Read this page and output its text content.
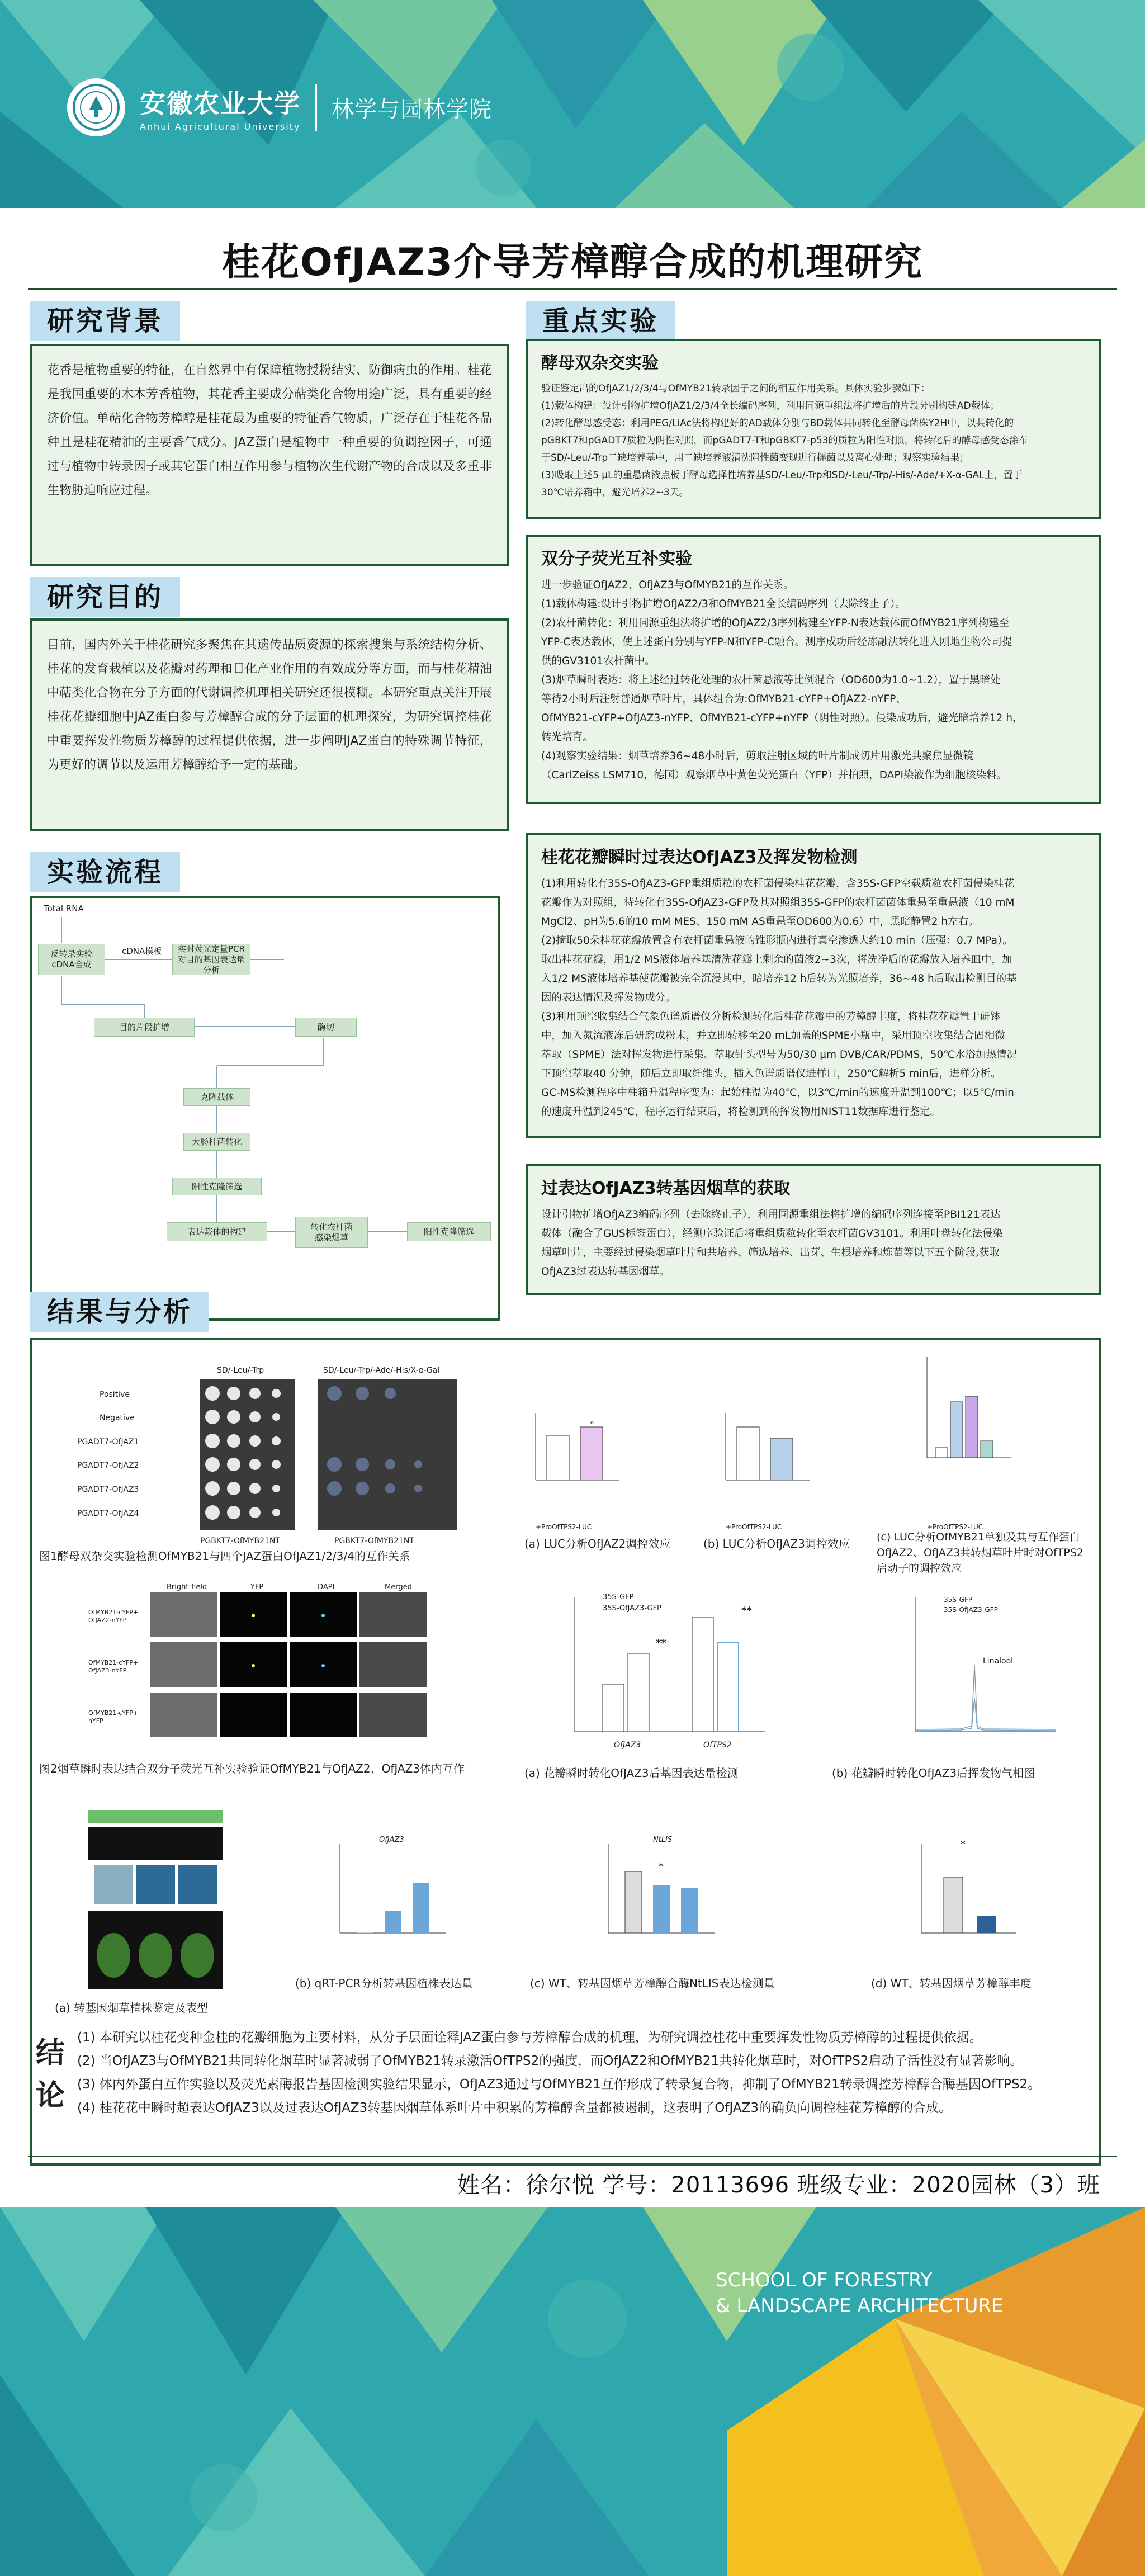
安徽农业大学
Anhui Agricultural University
林学与园林学院
桂花OfJAZ3介导芳樟醇合成的机理研究
研究背景

花香是植物重要的特征，在自然界中有保障植物授粉结实、防御病虫的作用。桂花是我国重要的木本芳香植物，其花香主要成分萜类化合物用途广泛，具有重要的经济价值。单萜化合物芳樟醇是桂花最为重要的特征香气物质，广泛存在于桂花各品种且是桂花精油的主要香气成分。JAZ蛋白是植物中一种重要的负调控因子，可通过与植物中转录因子或其它蛋白相互作用参与植物次生代谢产物的合成以及多重非生物胁迫响应过程。

研究目的

目前，国内外关于桂花研究多聚焦在其遗传品质资源的探索搜集与系统结构分析、桂花的发育栽植以及花瓣对药理和日化产业作用的有效成分等方面，而与桂花精油中萜类化合物在分子方面的代谢调控机理相关研究还很模糊。本研究重点关注开展桂花花瓣细胞中JAZ蛋白参与芳樟醇合成的分子层面的机理探究，为研究调控桂花中重要挥发性物质芳樟醇的过程提供依据，进一步阐明JAZ蛋白的特殊调节特征，为更好的调节以及运用芳樟醇给予一定的基础。

实验流程
Total RNA
cDNA模板
反转录实验
cDNA合成
实时荧光定量PCR
对目的基因表达量分析
目的片段扩增	酶切
克隆载体
大肠杆菌转化
阳性克隆筛选
表达载体的构建	转化农杆菌
感染烟草
阳性克隆筛选
重点实验
酵母双杂交实验
验证鉴定出的OfJAZ1/2/3/4与OfMYB21转录因子之间的相互作用关系。具体实验步骤如下：
(1)载体构建：设计引物扩增OfJAZ1/2/3/4全长编码序列，利用同源重组法将扩增后的片段分别构建AD载体；
(2)转化酵母感受态：利用PEG/LiAc法将构建好的AD载体分别与BD载体共同转化至酵母菌株Y2H中，以共转化的
pGBKT7和pGADT7质粒为阴性对照，而pGADT7-T和pGBKT7-p53的质粒为阳性对照，将转化后的酵母感受态涂布
于SD/-Leu/-Trp二缺培养基中，用二缺培养液清洗阻性菌变现进行摇菌以及离心处理；观察实验结果；
(3)吸取上述5 μL的重悬菌液点板于酵母选择性培养基SD/-Leu/-Trp和SD/-Leu/-Trp/-His/-Ade/+X-α-GAL上，置于
30℃培养箱中，避光培养2~3天。
双分子荧光互补实验
进一步验证OfJAZ2、OfJAZ3与OfMYB21的互作关系。
(1)载体构建:设计引物扩增OfJAZ2/3和OfMYB21全长编码序列（去除终止子）。
(2)农杆菌转化：利用同源重组法将扩增的OfJAZ2/3序列构建至YFP-N表达载体而OfMYB21序列构建至
YFP-C表达载体，使上述蛋白分别与YFP-N和YFP-C融合。测序成功后经冻融法转化进入刚地生物公司提
供的GV3101农杆菌中。
(3)烟草瞬时表达：将上述经过转化处理的农杆菌悬液等比例混合（OD600为1.0~1.2），置于黑暗处
等待2小时后注射普通烟草叶片，具体组合为:OfMYB21-cYFP+OfJAZ2-nYFP、
OfMYB21-cYFP+OfJAZ3-nYFP、OfMYB21-cYFP+nYFP（阴性对照）。侵染成功后，避光暗培养12 h，
转光培育。
(4)观察实验结果：烟草培养36~48小时后，剪取注射区域的叶片制成切片用激光共聚焦显微镜
（CarlZeiss LSM710，德国）观察烟草中黄色荧光蛋白（YFP）并拍照，DAPI染液作为细胞核染料。
桂花花瓣瞬时过表达OfJAZ3及挥发物检测
(1)利用转化有35S-OfJAZ3-GFP重组质粒的农杆菌侵染桂花花瓣，含35S-GFP空载质粒农杆菌侵染桂花
花瓣作为对照组，待转化有35S-OfJAZ3-GFP及其对照组35S-GFP的农杆菌菌体重悬至重悬液（10 mM
MgCl2、pH为5.6的10 mM MES、150 mM AS重悬至OD600为0.6）中，黑暗静置2 h左右。
(2)摘取50朵桂花花瓣放置含有农杆菌重悬液的锥形瓶内进行真空渗透大约10 min（压强：0.7 MPa）。
取出桂花花瓣，用1/2 MS液体培养基清洗花瓣上剩余的菌液2~3次，将洗净后的花瓣放入培养皿中，加
入1/2 MS液体培养基使花瓣被完全沉浸其中，暗培养12 h后转为光照培养，36~48 h后取出检测目的基
因的表达情况及挥发物成分。
(3)利用顶空收集结合气象色谱质谱仪分析检测转化后桂花花瓣中的芳樟醇丰度，将桂花花瓣置于研钵
中，加入氮流液冻后研磨成粉末，并立即转移至20 mL加盖的SPME小瓶中，采用顶空收集结合固相微
萃取（SPME）法对挥发物进行采集。萃取针头型号为50/30 μm DVB/CAR/PDMS，50℃水浴加热情况
下顶空萃取40 分钟，随后立即取纤维头，插入色谱质谱仪进样口，250℃解析5 min后，进样分析。
GC-MS检测程序中柱箱升温程序变为：起始柱温为40℃，以3℃/min的速度升温到100℃；以5℃/min
的速度升温到245℃，程序运行结束后，将检测到的挥发物用NIST11数据库进行鉴定。
过表达OfJAZ3转基因烟草的获取
设计引物扩增OfJAZ3编码序列（去除终止子），利用同源重组法将扩增的编码序列连接至PBI121表达
载体（融合了GUS标签蛋白），经测序验证后将重组质粒转化至农杆菌GV3101。利用叶盘转化法侵染
烟草叶片，主要经过侵染烟草叶片和共培养、筛选培养、出芽、生根培养和炼苗等以下五个阶段,获取
OfJAZ3过表达转基因烟草。
结果与分析
SD/-Leu/-Trp	SD/-Leu/-Trp/-Ade/-His/X-α-Gal
Positive
Negative
PGADT7-OfJAZ1
PGADT7-OfJAZ2
PGADT7-OfJAZ3
PGADT7-OfJAZ4
PGBKT7-OfMYB21NT	PGBKT7-OfMYB21NT
图1酵母双杂交实验检测OfMYB21与四个JAZ蛋白OfJAZ1/2/3/4的互作关系
Bright-field	YFP	DAPI	Merged
OfMYB21-cYFP+
OfJAZ2-nYFP
OfMYB21-cYFP+
OfJAZ3-nYFP
OfMYB21-cYFP+
nYFP
图2烟草瞬时表达结合双分子荧光互补实验验证OfMYB21与OfJAZ2、OfJAZ3体内互作
a
+ProOfTPS2-LUC	+ProOfTPS2-LUC	+ProOfTPS2-LUC
(a) LUC分析OfJAZ2调控效应	(b) LUC分析OfJAZ3调控效应	(c) LUC分析OfMYB21单独及其与互作蛋白OfJAZ2、OfJAZ3共转烟草叶片时对OfTPS2启动子的调控效应
35S-GFP
35S-OfJAZ3-GFP
**
**
OfJAZ3	OfTPS2
(a) 花瓣瞬时转化OfJAZ3后基因表达量检测
35S-GFP
35S-OfJAZ3-GFP
Linalool
(b) 花瓣瞬时转化OfJAZ3后挥发物气相图
(a) 转基因烟草植株鉴定及表型
OfJAZ3
(b) qRT-PCR分析转基因植株表达量
NtLIS
*
(c) WT、转基因烟草芳樟醇合酶NtLIS表达检测量
*
(d) WT、转基因烟草芳樟醇丰度
结
论
(1) 本研究以桂花变种金桂的花瓣细胞为主要材料，从分子层面诠释JAZ蛋白参与芳樟醇合成的机理，为研究调控桂花中重要挥发性物质芳樟醇的过程提供依据。
(2) 当OfJAZ3与OfMYB21共同转化烟草时显著减弱了OfMYB21转录激活OfTPS2的强度，而OfJAZ2和OfMYB21共转化烟草时，对OfTPS2启动子活性没有显著影响。
(3) 体内外蛋白互作实验以及荧光素酶报告基因检测实验结果显示，OfJAZ3通过与OfMYB21互作形成了转录复合物，抑制了OfMYB21转录调控芳樟醇合酶基因OfTPS2。
(4) 桂花花中瞬时超表达OfJAZ3以及过表达OfJAZ3转基因烟草体系叶片中积累的芳樟醇含量都被遏制，这表明了OfJAZ3的确负向调控桂花芳樟醇的合成。
姓名：徐尔悦 学号：20113696 班级专业：2020园林（3）班
SCHOOL OF FORESTRY
& LANDSCAPE ARCHITECTURE
